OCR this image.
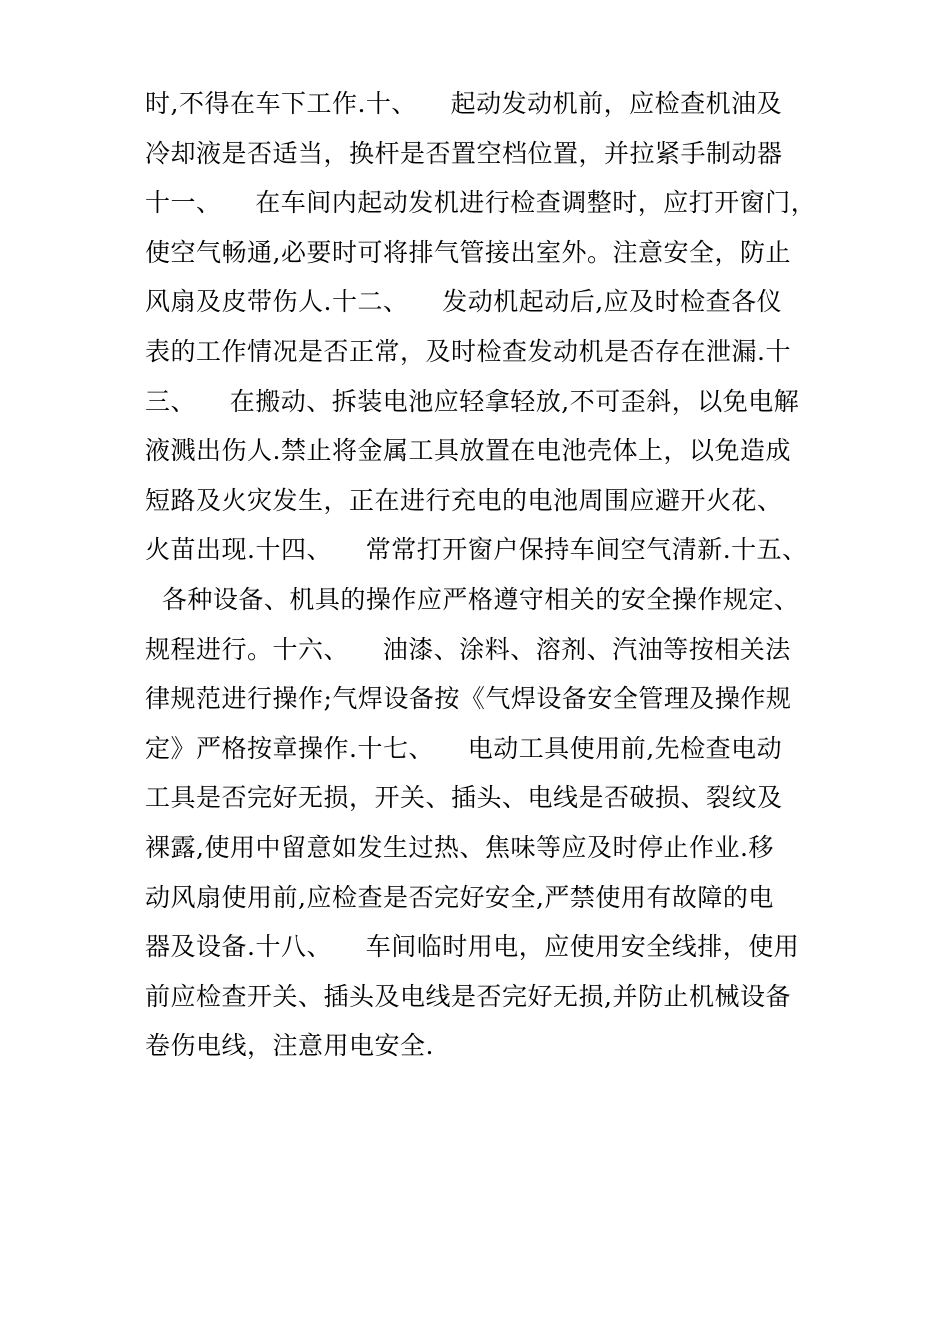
时,不得在车下工作.十、    起动发动机前，应检查机油及
冷却液是否适当，换杆是否置空档位置，并拉紧手制动器
十一、    在车间内起动发机进行检查调整时，应打开窗门，
使空气畅通,必要时可将排气管接出室外。注意安全，防止
风扇及皮带伤人.十二、    发动机起动后,应及时检查各仪
表的工作情况是否正常，及时检查发动机是否存在泄漏.十
三、    在搬动、拆装电池应轻拿轻放,不可歪斜，以免电解
液溅出伤人.禁止将金属工具放置在电池壳体上，以免造成
短路及火灾发生，正在进行充电的电池周围应避开火花、
火苗出现.十四、    常常打开窗户保持车间空气清新.十五、
各种设备、机具的操作应严格遵守相关的安全操作规定、
规程进行。十六、    油漆、涂料、溶剂、汽油等按相关法
律规范进行操作;气焊设备按《气焊设备安全管理及操作规
定》严格按章操作.十七、    电动工具使用前,先检查电动
工具是否完好无损，开关、插头、电线是否破损、裂纹及
裸露,使用中留意如发生过热、焦味等应及时停止作业.移
动风扇使用前,应检查是否完好安全,严禁使用有故障的电
器及设备.十八、    车间临时用电，应使用安全线排，使用
前应检查开关、插头及电线是否完好无损,并防止机械设备
卷伤电线，注意用电安全.
